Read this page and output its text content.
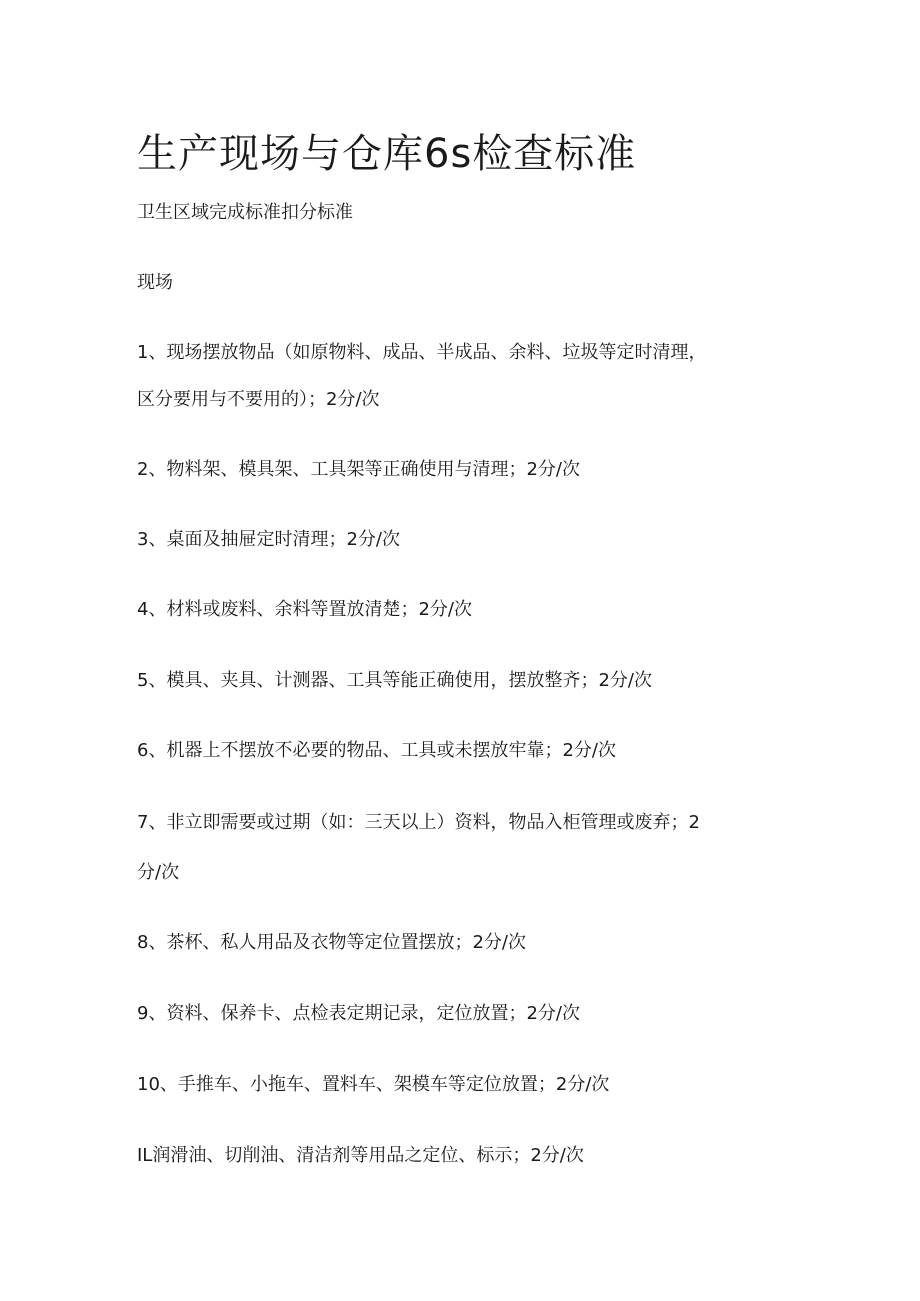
生产现场与仓库6s检查标准

卫生区域完成标准扣分标准

现场

1、现场摆放物品（如原物料、成品、半成品、余料、垃圾等定时清理，

区分要用与不要用的）；2分/次

2、物料架、模具架、工具架等正确使用与清理；2分/次

3、桌面及抽屉定时清理；2分/次

4、材料或废料、余料等置放清楚；2分/次

5、模具、夹具、计测器、工具等能正确使用，摆放整齐；2分/次

6、机器上不摆放不必要的物品、工具或未摆放牢靠；2分/次

7、非立即需要或过期（如：三天以上）资料，物品入柜管理或废弃；2

分/次

8、茶杯、私人用品及衣物等定位置摆放；2分/次

9、资料、保养卡、点检表定期记录，定位放置；2分/次

10、手推车、小拖车、置料车、架模车等定位放置；2分/次

IL润滑油、切削油、清洁剂等用品之定位、标示；2分/次
